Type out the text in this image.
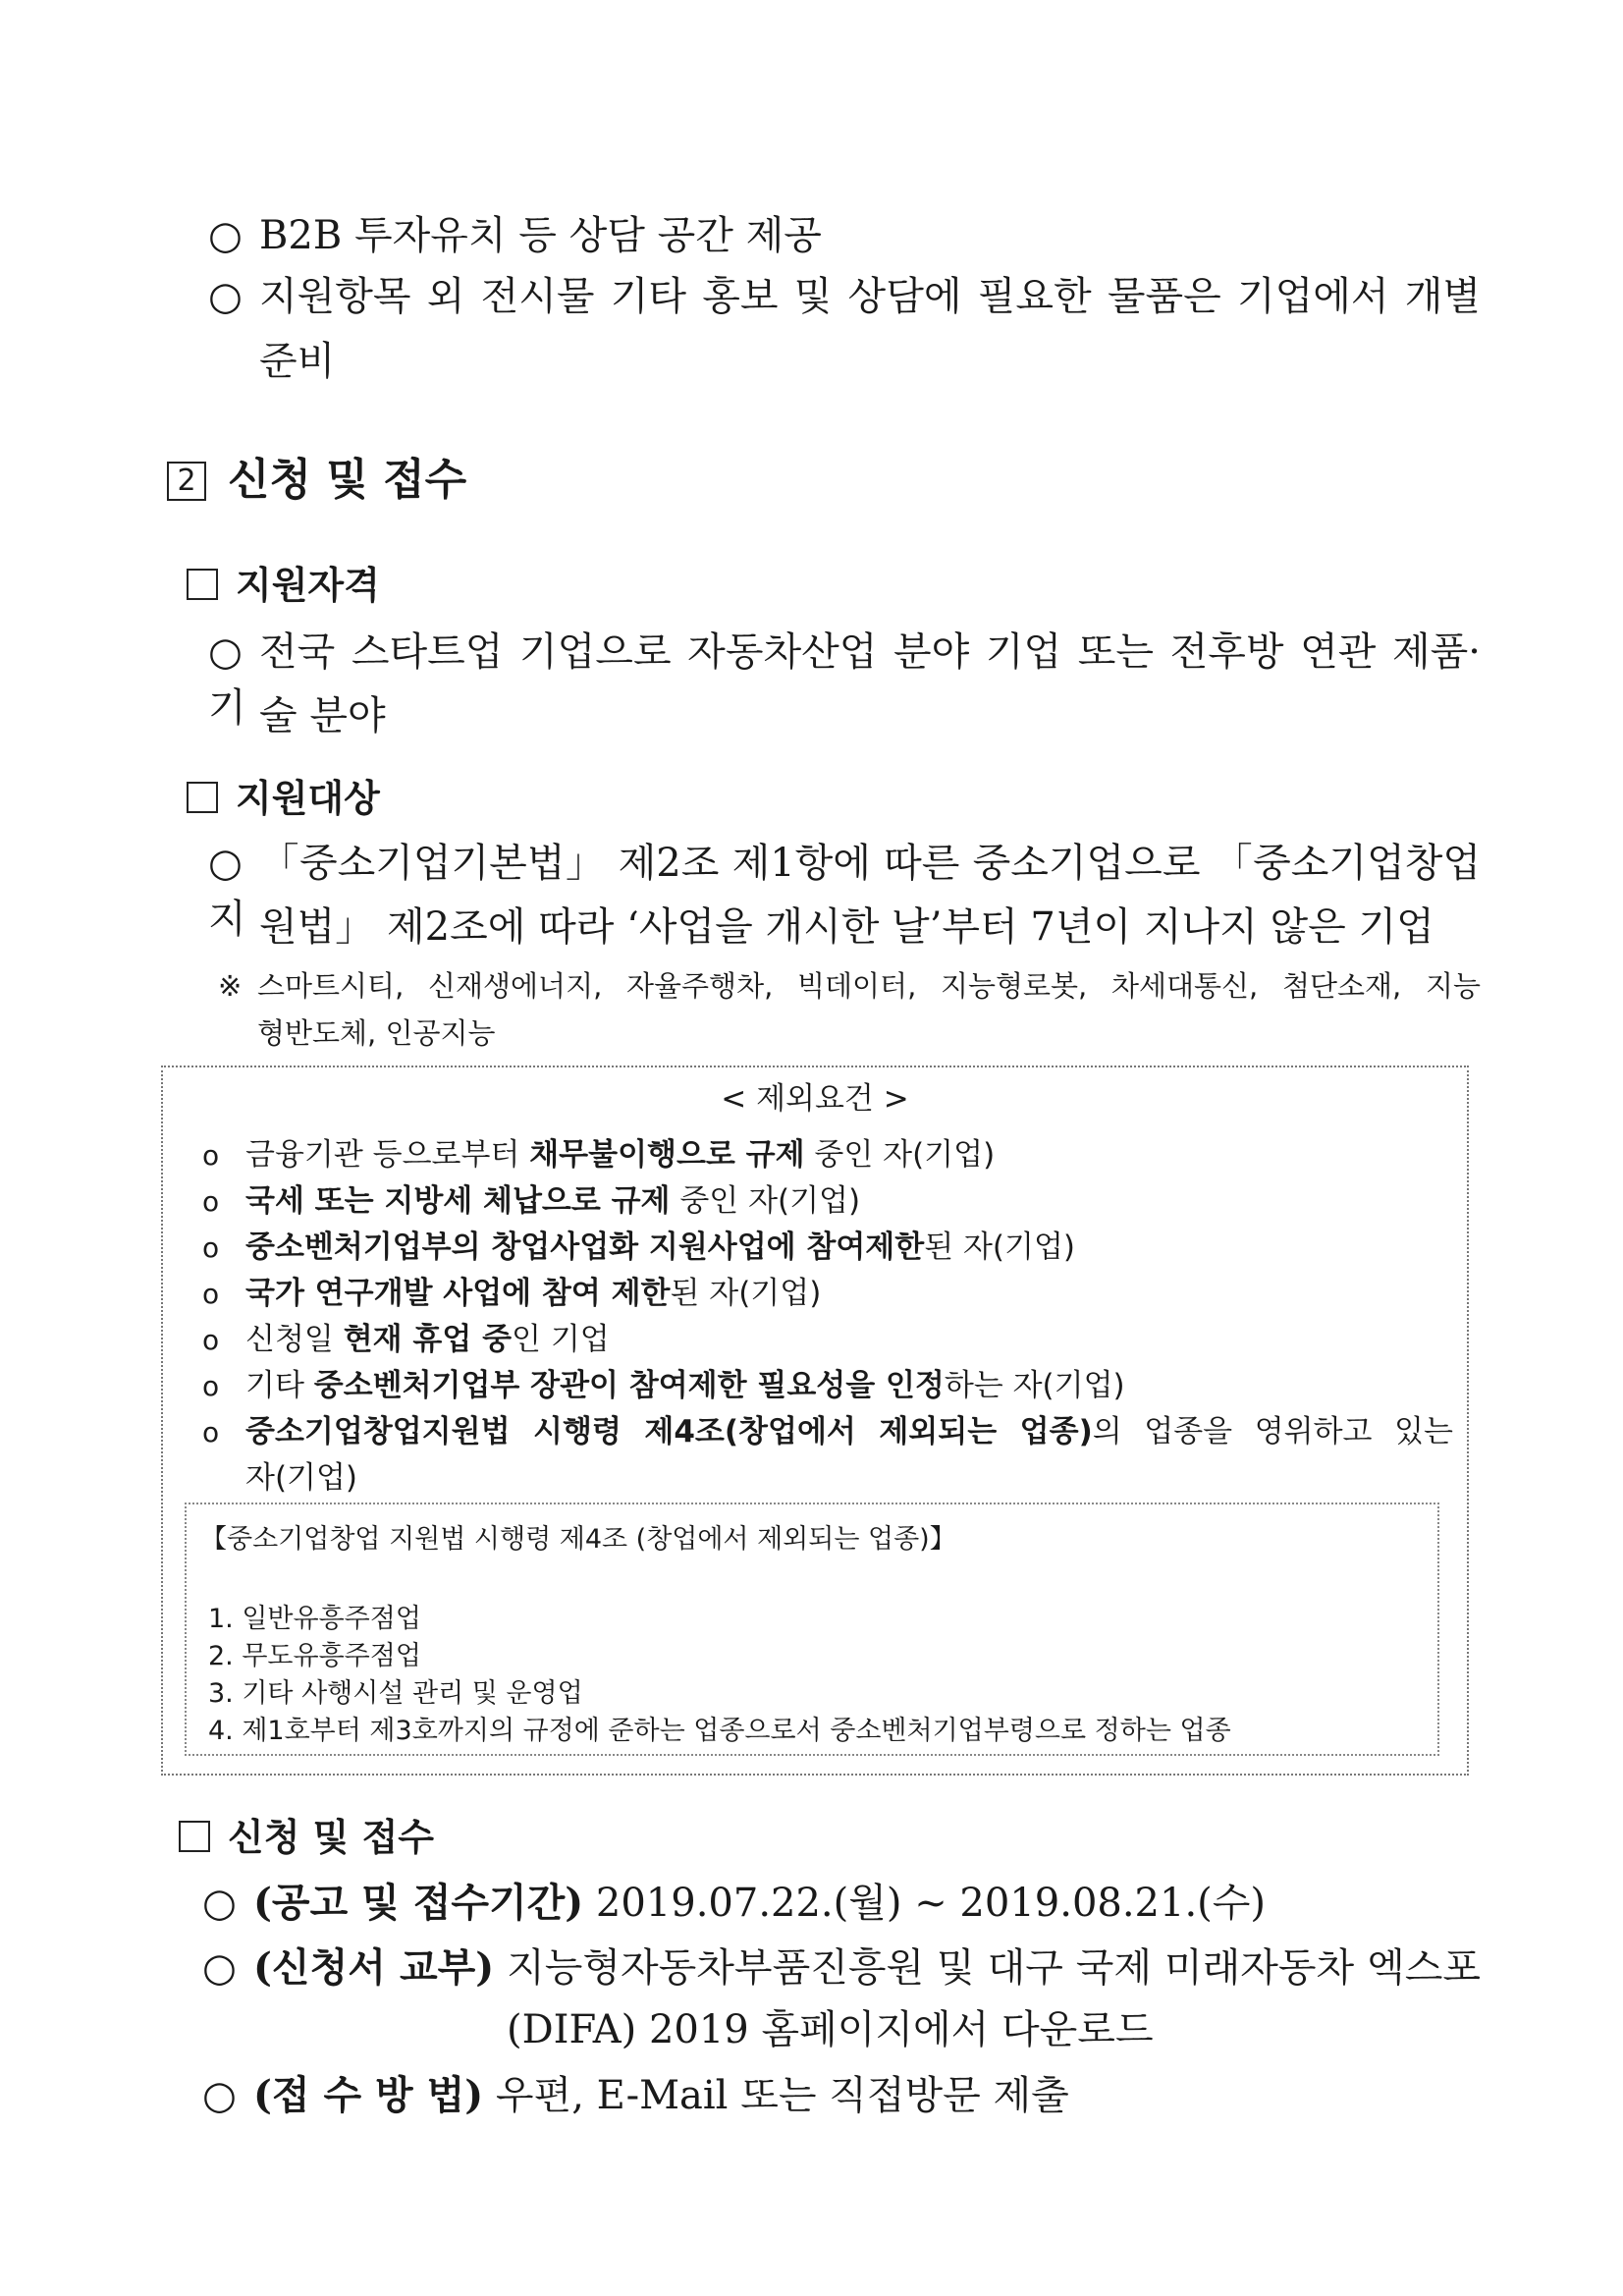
○ B2B 투자유치 등 상담 공간 제공
○ 지원항목 외 전시물 기타 홍보 및 상담에 필요한 물품은 기업에서 개별
준비
2 신청 및 접수
지원자격
○ 전국 스타트업 기업으로 자동차산업 분야 기업 또는 전후방 연관 제품·기 술 분야
지원대상
○ 「중소기업기본법」 제2조 제1항에 따른 중소기업으로 「중소기업창업 지 원법」 제2조에 따라 ‘사업을 개시한 날’부터 7년이 지나지 않은 기업
※ 스마트시티, 신재생에너지, 자율주행차, 빅데이터, 지능형로봇, 차세대통신, 첨단소재, 지능
형반도체, 인공지능
< 제외요건 >
o 금융기관 등으로부터 채무불이행으로 규제 중인 자(기업)
o 국세 또는 지방세 체납으로 규제 중인 자(기업)
o 중소벤처기업부의 창업사업화 지원사업에 참여제한된 자(기업)
o 국가 연구개발 사업에 참여 제한된 자(기업)
o 신청일 현재 휴업 중인 기업
o 기타 중소벤처기업부 장관이 참여제한 필요성을 인정하는 자(기업)
o 중소기업창업지원법 시행령 제4조(창업에서 제외되는 업종)의 업종을 영위하고 있는
자(기업)
【중소기업창업 지원법 시행령 제4조 (창업에서 제외되는 업종)】
1. 일반유흥주점업
2. 무도유흥주점업
3. 기타 사행시설 관리 및 운영업
4. 제1호부터 제3호까지의 규정에 준하는 업종으로서 중소벤처기업부령으로 정하는 업종
신청 및 접수
○ (공고 및 접수기간) 2019.07.22.(월) ~ 2019.08.21.(수)
○ (신청서 교부) 지능형자동차부품진흥원 및 대구 국제 미래자동차 엑스포
(DIFA) 2019 홈페이지에서 다운로드
○ (접 수 방 법) 우편, E-Mail 또는 직접방문 제출
